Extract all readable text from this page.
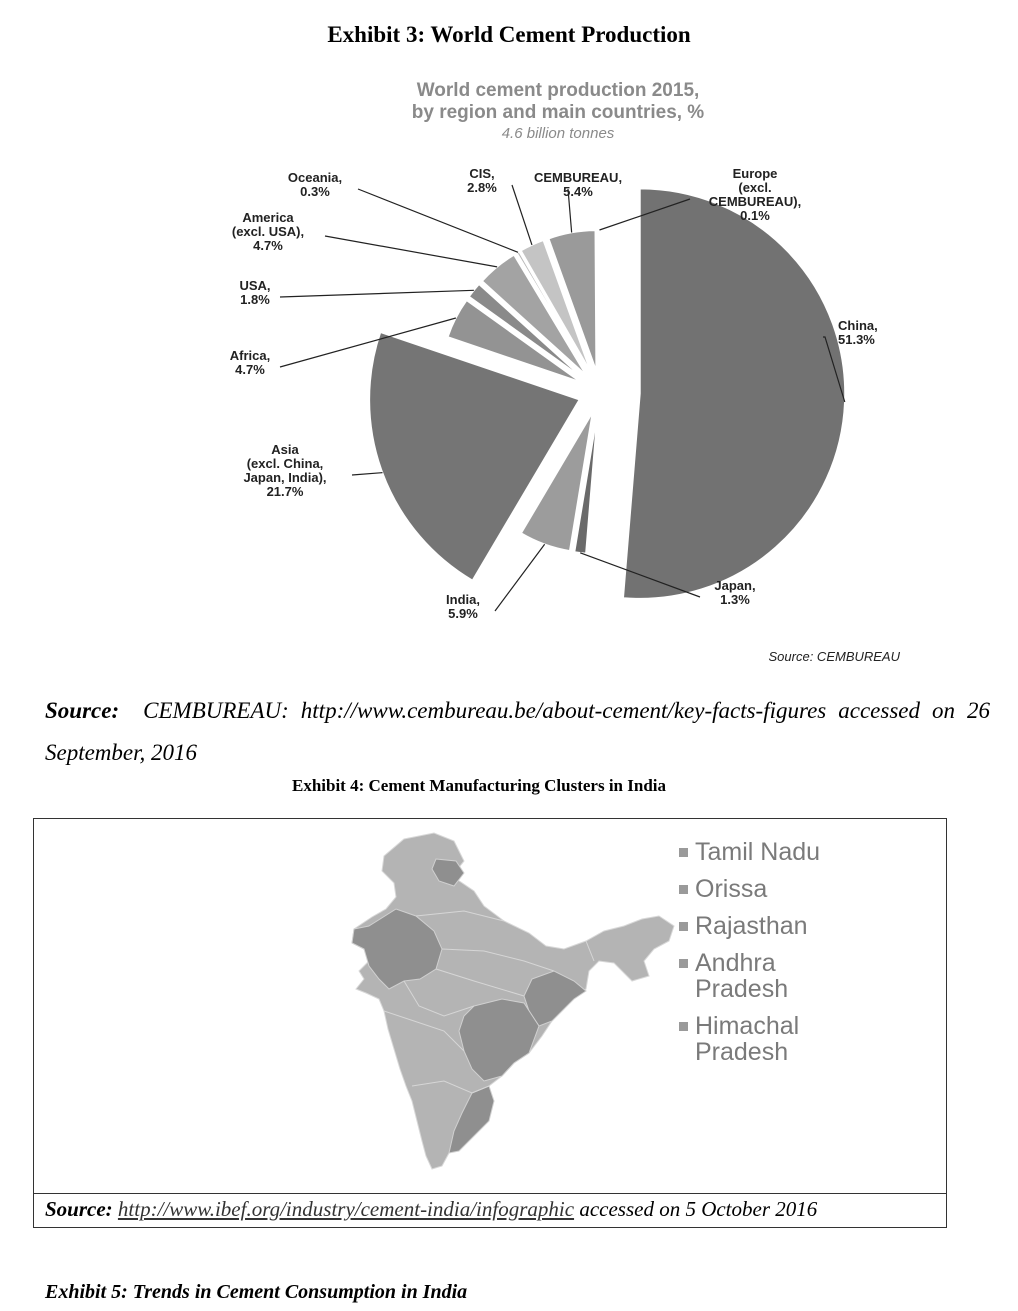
Exhibit 3: World Cement Production
World cement production 2015,
by region and main countries, %
4.6 billion tonnes
China, 51.3%
Japan, 1.3%
India, 5.9%
Asia (excl. China, Japan, India), 21.7%
Africa, 4.7%
USA, 1.8%
America (excl. USA), 4.7%
Oceania, 0.3%
CIS, 2.8%
CEMBUREAU, 5.4%
Europe (excl. CEMBUREAU), 0.1%
Source: CEMBUREAU
Source: CEMBUREAU: http://www.cembureau.be/about-cement/key-facts-figures accessed on 26 September, 2016
Exhibit 4: Cement Manufacturing Clusters in India
Tamil Nadu
Orissa
Rajasthan
Andhra Pradesh
Himachal Pradesh
Source: http://www.ibef.org/industry/cement-india/infographic accessed on 5 October 2016
Exhibit 5: Trends in Cement Consumption in India
